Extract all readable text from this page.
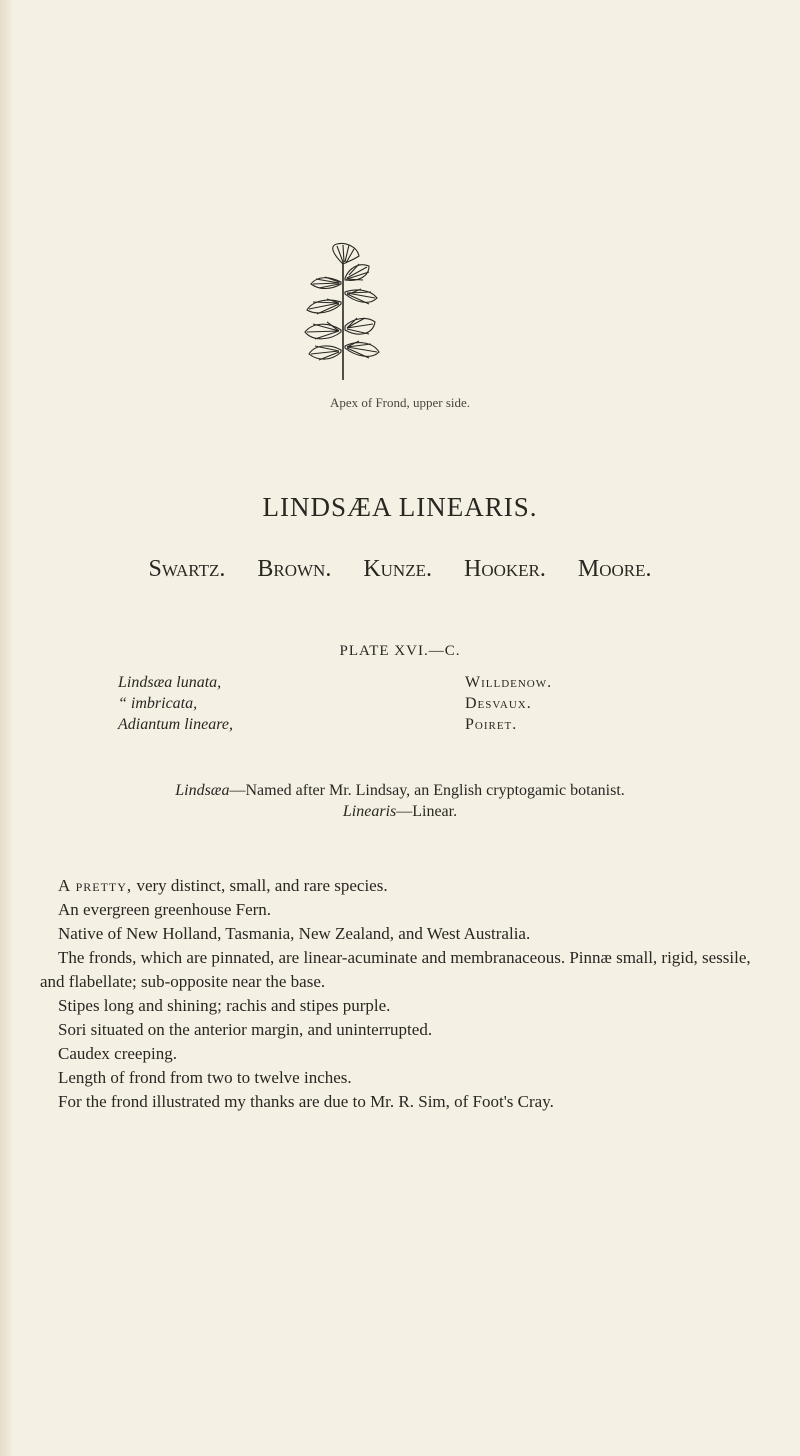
Apex of Frond, upper side.
LINDSÆA LINEARIS.
Swartz. Brown. Kunze. Hooker. Moore.
PLATE XVI.—C.
Lindsæa lunata,
“ imbricata,
Adiantum lineare,
Willdenow.
Desvaux.
Poiret.
Lindsæa—Named after Mr. Lindsay, an English cryptogamic botanist.
Linearis—Linear.

A pretty, very distinct, small, and rare species.

An evergreen greenhouse Fern.

Native of New Holland, Tasmania, New Zealand, and West Australia.

The fronds, which are pinnated, are linear-acuminate and membranaceous. Pinnæ small, rigid, sessile, and flabellate; sub-opposite near the base.

Stipes long and shining; rachis and stipes purple.

Sori situated on the anterior margin, and uninterrupted.

Caudex creeping.

Length of frond from two to twelve inches.

For the frond illustrated my thanks are due to Mr. R. Sim, of Foot's Cray.
